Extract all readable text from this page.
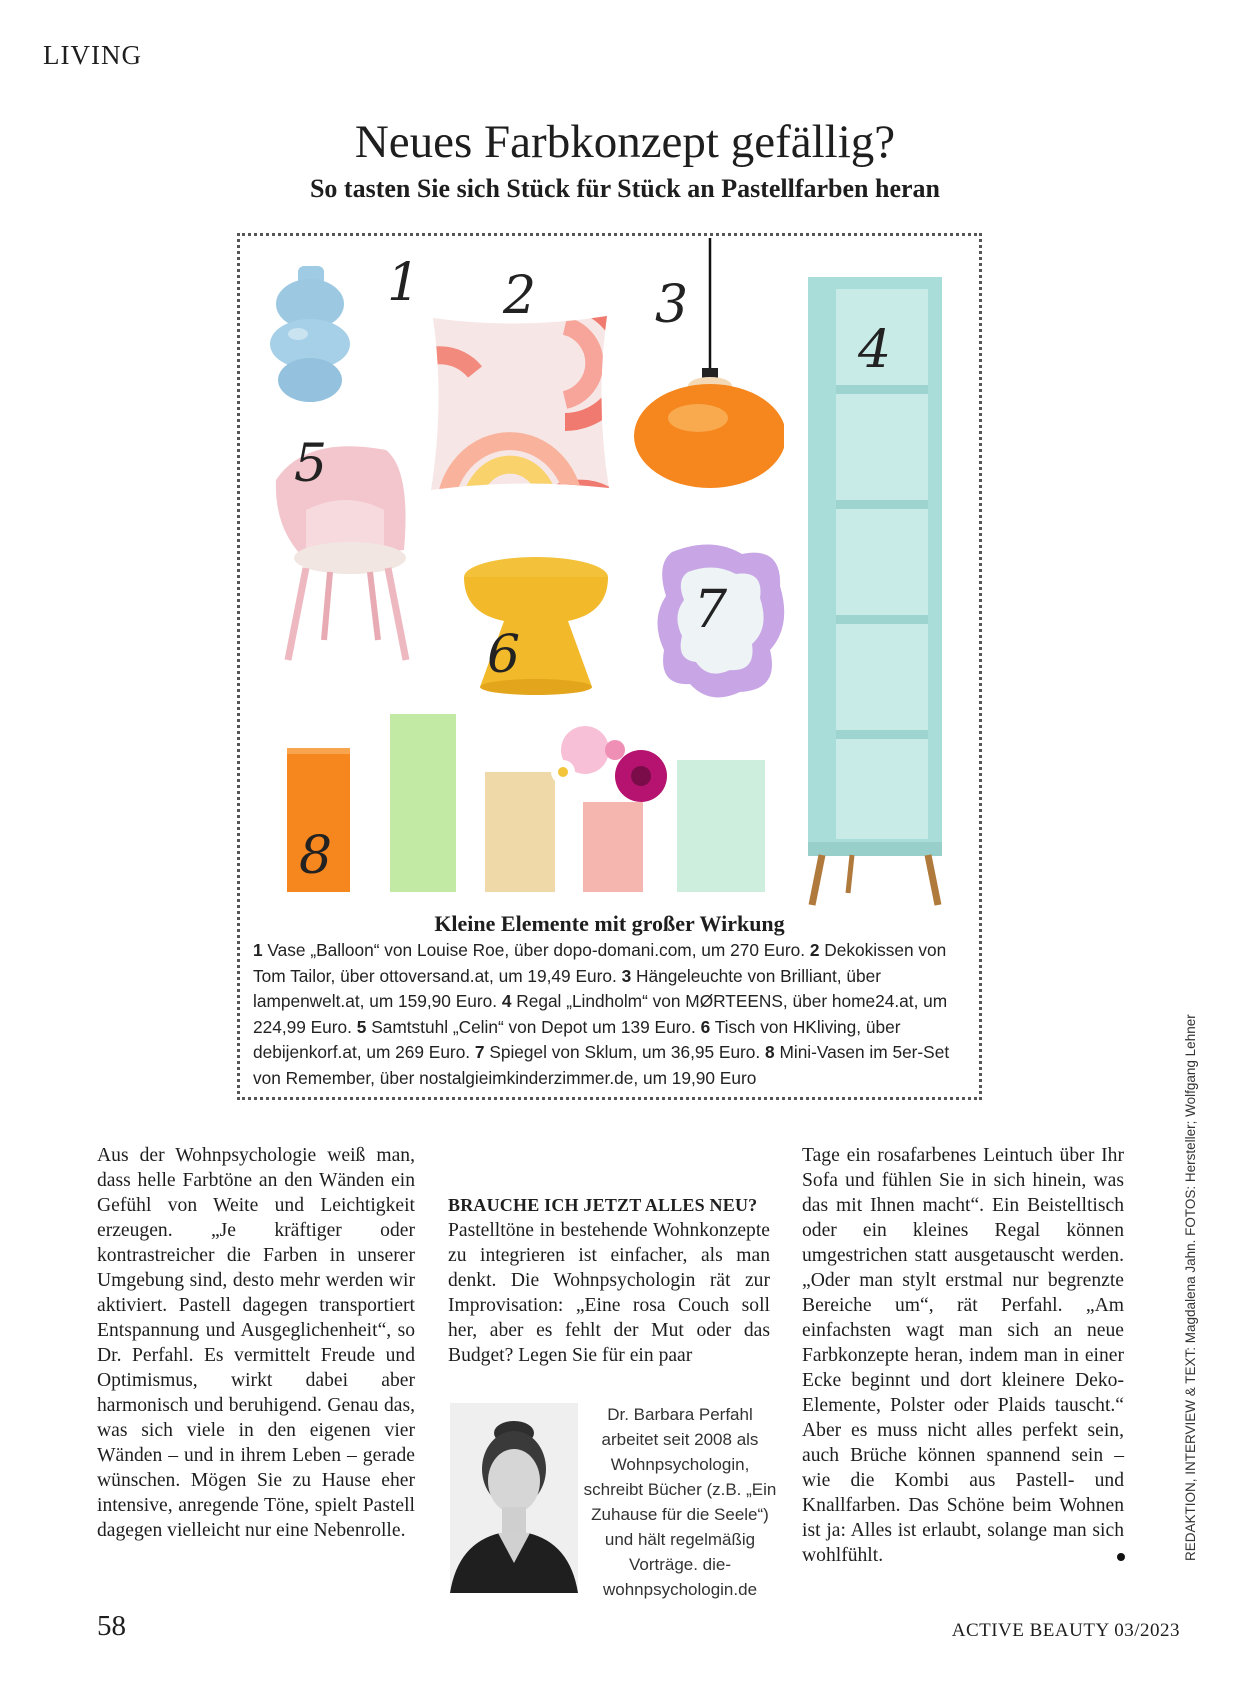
LIVING
Neues Farbkonzept gefällig?
So tasten Sie sich Stück für Stück an Pastellfarben heran
1 2 3
4
5
6
7
8
Kleine Elemente mit großer Wirkung
1 Vase „Balloon“ von Louise Roe, über dopo-domani.com, um 270 Euro. 2 Dekokissen von Tom Tailor, über ottoversand.at, um 19,49 Euro. 3 Hängeleuchte von Brilliant, über lampenwelt.at, um 159,90 Euro. 4 Regal „Lindholm“ von MØRTEENS, über home24.at, um 224,99 Euro. 5 Samtstuhl „Celin“ von Depot um 139 Euro. 6 Tisch von HKliving, über debijenkorf.at, um 269 Euro. 7 Spiegel von Sklum, um 36,95 Euro. 8 Mini-Vasen im 5er-Set von Remember, über nostalgieimkinderzimmer.de, um 19,90 Euro

Aus der Wohnpsychologie weiß man, dass helle Farbtöne an den Wänden ein Gefühl von Weite und Leichtigkeit erzeugen. „Je kräftiger oder kontrastreicher die Farben in unserer Umgebung sind, desto mehr werden wir aktiviert. Pastell dagegen transportiert Entspannung und Ausgeglichenheit“, so Dr. Perfahl. Es vermittelt Freude und Optimismus, wirkt dabei aber harmonisch und beruhigend. Genau das, was sich viele in den eigenen vier Wänden – und in ihrem Leben – gerade wünschen. Mögen Sie zu Hause eher intensive, anregende Töne, spielt Pastell dagegen vielleicht nur eine Nebenrolle.

BRAUCHE ICH JETZT ALLES NEU?

Pastelltöne in bestehende Wohnkonzepte zu integrieren ist einfacher, als man denkt. Die Wohnpsychologin rät zur Improvisation: „Eine rosa Couch soll her, aber es fehlt der Mut oder das Budget? Legen Sie für ein paar

Tage ein rosafarbenes Leintuch über Ihr Sofa und fühlen Sie in sich hinein, was das mit Ihnen macht“. Ein Beistelltisch oder ein kleines Regal können umgestrichen statt ausgetauscht werden. „Oder man stylt erstmal nur begrenzte Bereiche um“, rät Perfahl. „Am einfachsten wagt man sich an neue Farbkonzepte heran, indem man in einer Ecke beginnt und dort kleinere Deko-Elemente, Polster oder Plaids tauscht.“ Aber es muss nicht alles perfekt sein, auch Brüche können spannend sein – wie die Kombi aus Pastell- und Knallfarben. Das Schöne beim Wohnen ist ja: Alles ist erlaubt, solange man sich wohlfühlt.

Dr. Barbara Perfahl arbeitet seit 2008 als Wohnpsychologin, schreibt Bücher (z.B. „Ein Zuhause für die Seele“) und hält regelmäßig Vorträge. die-wohnpsychologin.de
REDAKTION, INTERVIEW & TEXT: Magdalena Jahn. FOTOS: Hersteller; Wolfgang Lehner
58	ACTIVE BEAUTY 03/2023
